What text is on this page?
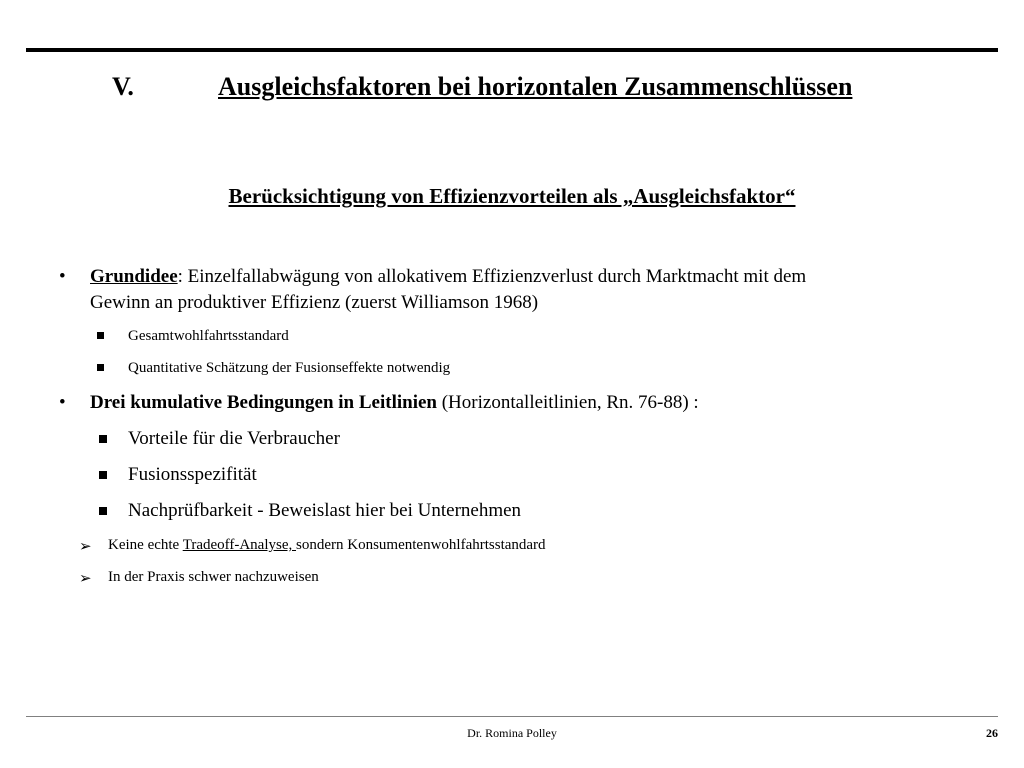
V.	Ausgleichsfaktoren bei horizontalen Zusammenschlüssen
Berücksichtigung von Effizienzvorteilen als „Ausgleichsfaktor“
• Grundidee: Einzelfallabwägung von allokativem Effizienzverlust durch Marktmacht mit dem
Gewinn an produktiver Effizienz (zuerst Williamson 1968)
Gesamtwohlfahrtsstandard
Quantitative Schätzung der Fusionseffekte notwendig
• Drei kumulative Bedingungen in Leitlinien (Horizontalleitlinien, Rn. 76-88) :
Vorteile für die Verbraucher
Fusionsspezifität
Nachprüfbarkeit - Beweislast hier bei Unternehmen
➢ Keine echte Tradeoff-Analyse, sondern Konsumentenwohlfahrtsstandard
➢ In der Praxis schwer nachzuweisen
Dr. Romina Polley	26
